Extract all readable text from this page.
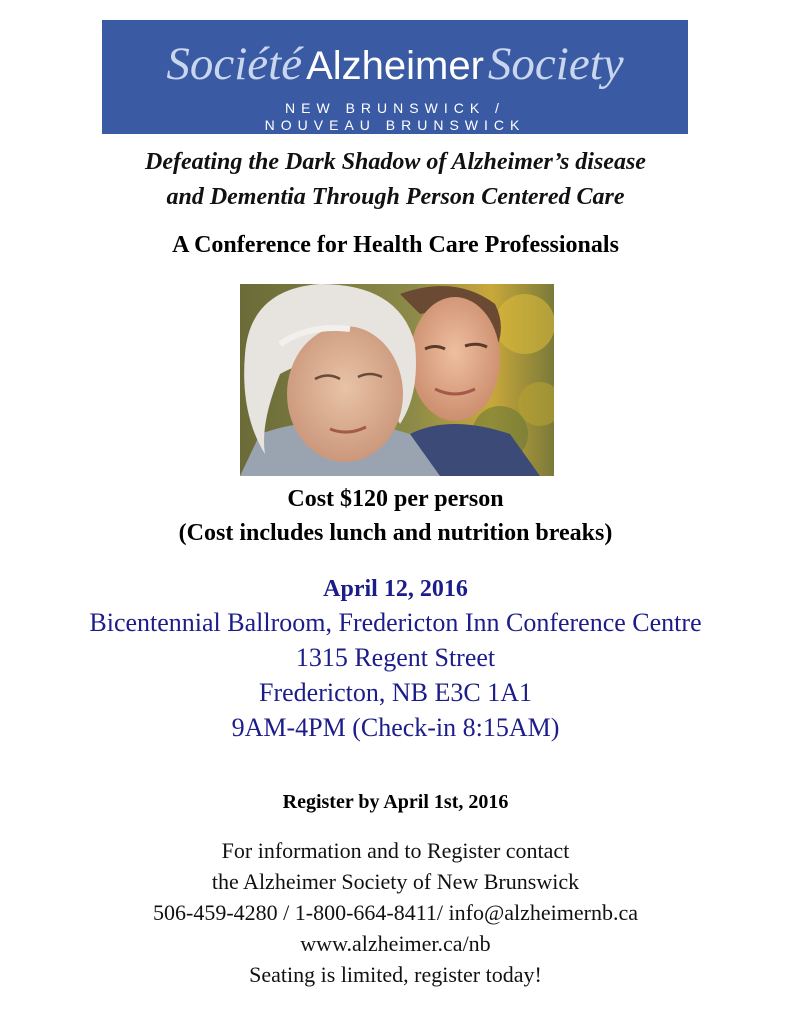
Société AlzheimerSociety
NEW BRUNSWICK /
NOUVEAU BRUNSWICK
Defeating the Dark Shadow of Alzheimer’s disease
and Dementia Through Person Centered Care
A Conference for Health Care Professionals
Cost $120 per person
(Cost includes lunch and nutrition breaks)
April 12, 2016
Bicentennial Ballroom, Fredericton Inn Conference Centre
1315 Regent Street
Fredericton, NB E3C 1A1
9AM-4PM (Check-in 8:15AM)
Register by April 1st, 2016
For information and to Register contact
the Alzheimer Society of New Brunswick
506-459-4280 / 1-800-664-8411/ info@alzheimernb.ca
www.alzheimer.ca/nb
Seating is limited, register today!
